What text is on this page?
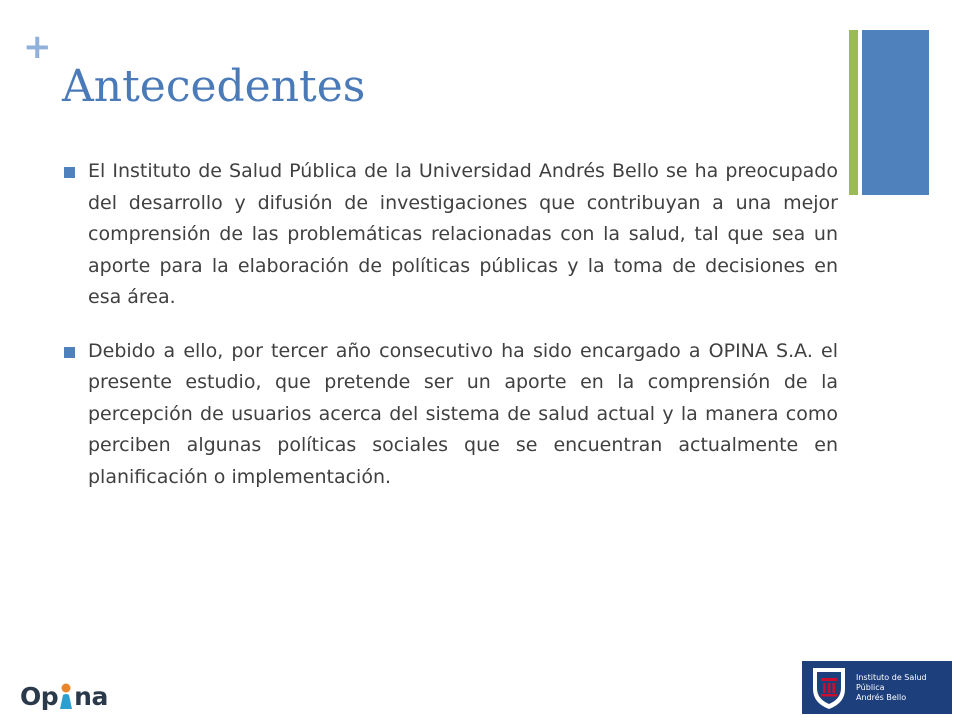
+
Antecedentes
El Instituto de Salud Pública de la Universidad Andrés Bello se ha preocupado del desarrollo y difusión de investigaciones que contribuyan a una mejor comprensión de las problemáticas relacionadas con la salud, tal que sea un aporte para la elaboración de políticas públicas y la toma de decisiones en esa área.
Debido a ello, por tercer año consecutivo ha sido encargado a OPINA S.A. el presente estudio, que pretende ser un aporte en la comprensión de la percepción de usuarios acerca del sistema de salud actual y la manera como perciben algunas políticas sociales que se encuentran actualmente en planificación o implementación.
Op na
Instituto de Salud Pública
Andrés Bello
